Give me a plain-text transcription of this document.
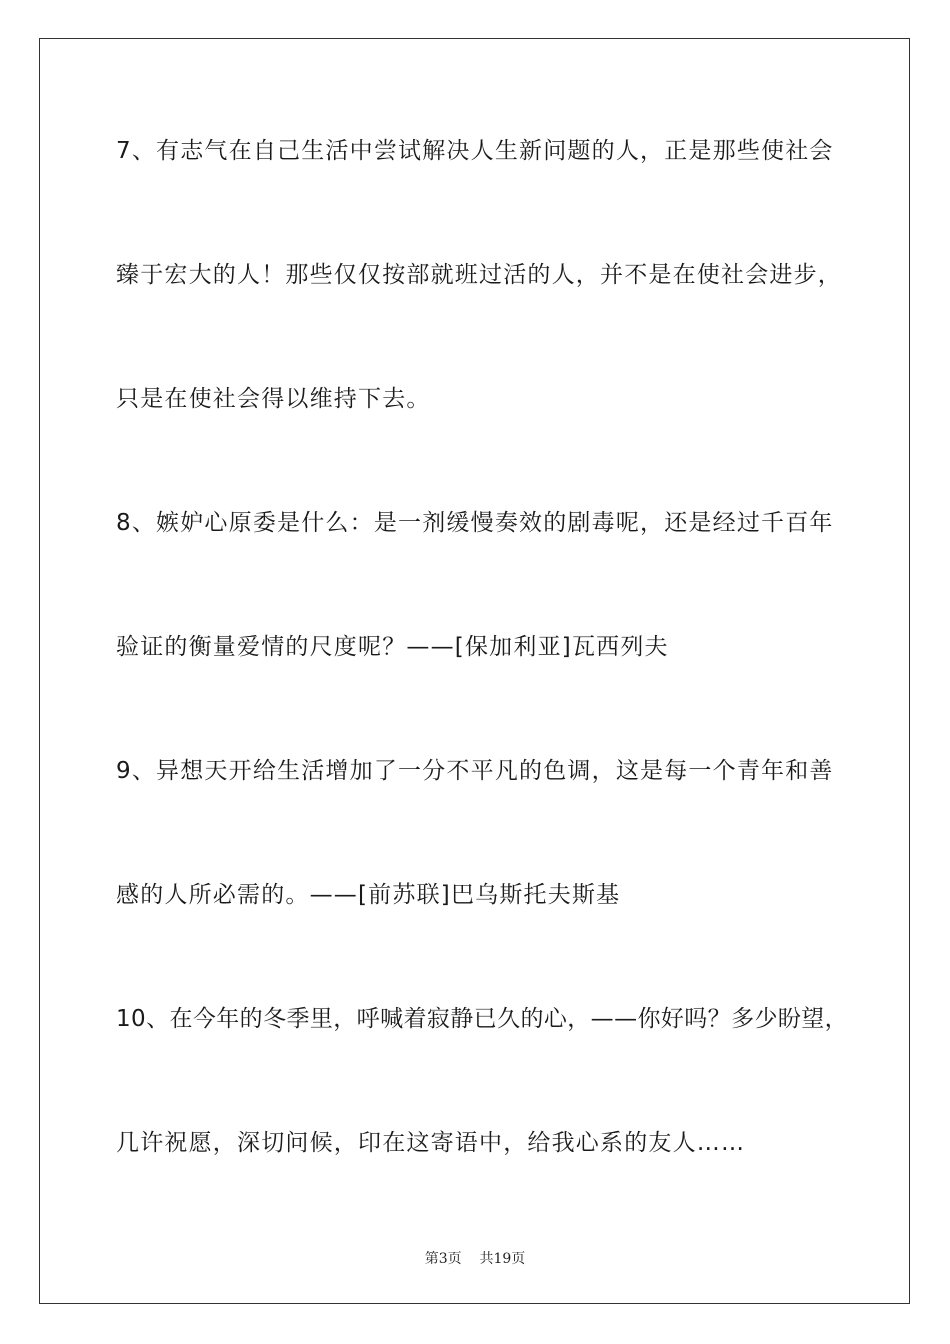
7、有志气在自己生活中尝试解决人生新问题的人，正是那些使社会
臻于宏大的人！那些仅仅按部就班过活的人，并不是在使社会进步，
只是在使社会得以维持下去。
8、嫉妒心原委是什么：是一剂缓慢奏效的剧毒呢，还是经过千百年
验证的衡量爱情的尺度呢？——[保加利亚]瓦西列夫
9、异想天开给生活增加了一分不平凡的色调，这是每一个青年和善
感的人所必需的。——[前苏联]巴乌斯托夫斯基
10、在今年的冬季里，呼喊着寂静已久的心，——你好吗？多少盼望，
几许祝愿，深切问候，印在这寄语中，给我心系的友人……
第3页 共19页
